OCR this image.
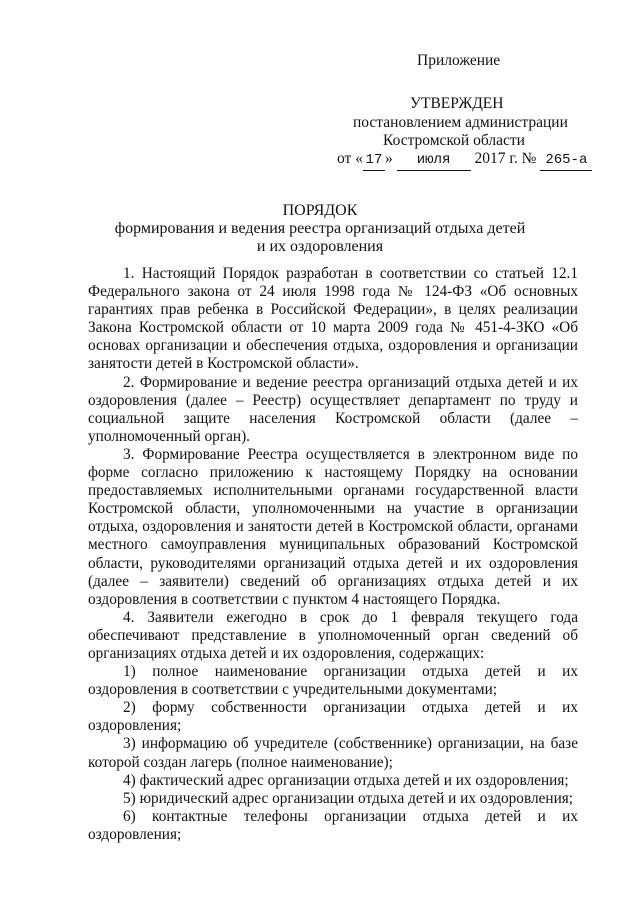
Приложение
УТВЕРЖДЕН
постановлением администрации
Костромской области
от « 17 » июля 2017 г. № 265-а
ПОРЯДОК
формирования и ведения реестра организаций отдыха детей
и их оздоровления

1. Настоящий Порядок разработан в соответствии со статьей 12.1 Федерального закона от 24 июля 1998 года № 124-ФЗ «Об основных гарантиях прав ребенка в Российской Федерации», в целях реализации Закона Костромской области от 10 марта 2009 года № 451-4-ЗКО «Об основах организации и обеспечения отдыха, оздоровления и организации занятости детей в Костромской области».

2. Формирование и ведение реестра организаций отдыха детей и их оздоровления (далее – Реестр) осуществляет департамент по труду и социальной защите населения Костромской области (далее – уполномоченный орган).

3. Формирование Реестра осуществляется в электронном виде по форме согласно приложению к настоящему Порядку на основании предоставляемых исполнительными органами государственной власти Костромской области, уполномоченными на участие в организации отдыха, оздоровления и занятости детей в Костромской области, органами местного самоуправления муниципальных образований Костромской области, руководителями организаций отдыха детей и их оздоровления (далее – заявители) сведений об организациях отдыха детей и их оздоровления в соответствии с пунктом 4 настоящего Порядка.

4. Заявители ежегодно в срок до 1 февраля текущего года обеспечивают представление в уполномоченный орган сведений об организациях отдыха детей и их оздоровления, содержащих:

1) полное наименование организации отдыха детей и их оздоровления в соответствии с учредительными документами;

2) форму собственности организации отдыха детей и их оздоровления;

3) информацию об учредителе (собственнике) организации, на базе которой создан лагерь (полное наименование);

4) фактический адрес организации отдыха детей и их оздоровления;

5) юридический адрес организации отдыха детей и их оздоровления;

6) контактные телефоны организации отдыха детей и их оздоровления;
